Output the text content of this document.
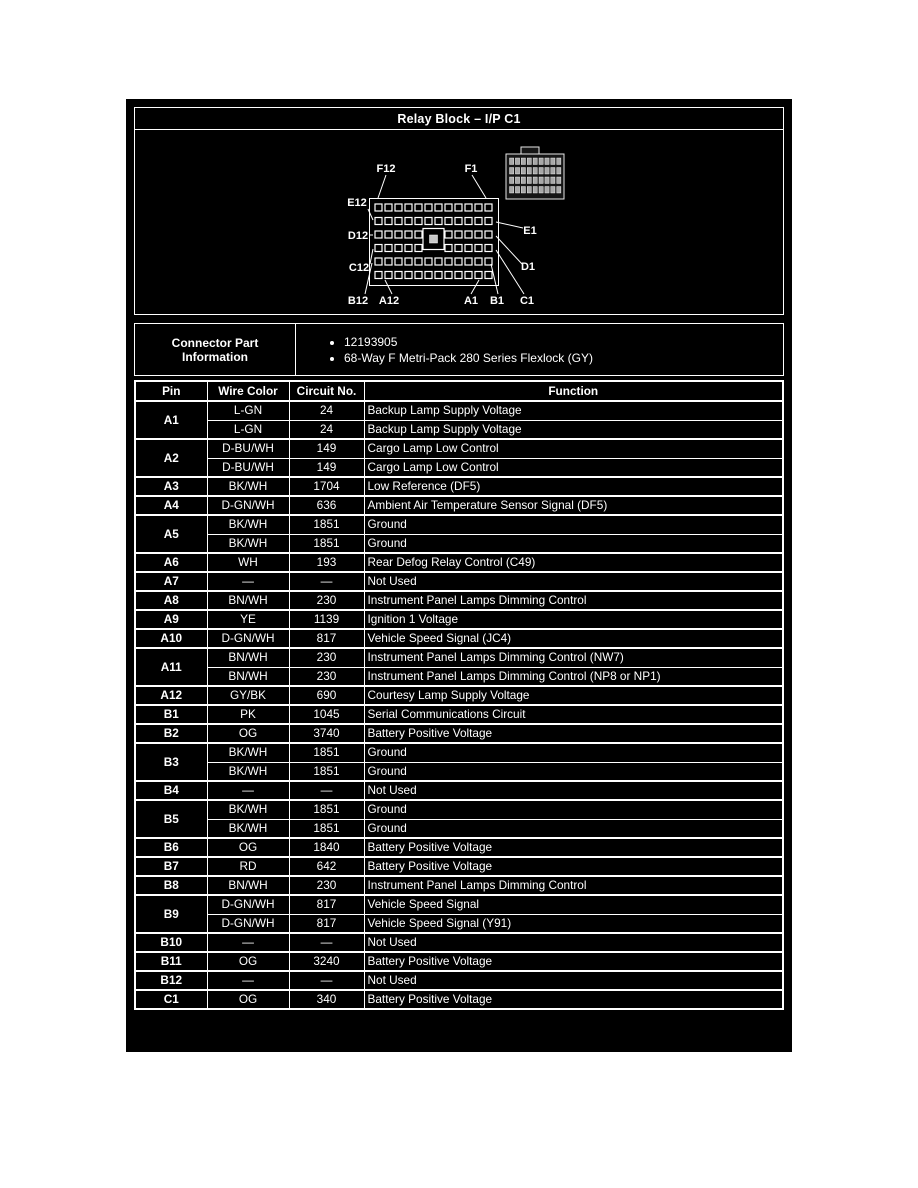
Relay Block – I/P C1
F12	F1
E12
D12
C12
B12 A12	A1 B1 C1
E1
D1
Connector Part Information
• 12193905
• 68-Way F Metri-Pack 280 Series Flexlock (GY)
Pin	Wire Color	Circuit No.	Function
A1	L-GN	24	Backup Lamp Supply Voltage
	L-GN	24	Backup Lamp Supply Voltage
A2	D-BU/WH	149	Cargo Lamp Low Control
	D-BU/WH	149	Cargo Lamp Low Control
A3	BK/WH	1704	Low Reference (DF5)
A4	D-GN/WH	636	Ambient Air Temperature Sensor Signal (DF5)
A5	BK/WH	1851	Ground
	BK/WH	1851	Ground
A6	WH	193	Rear Defog Relay Control (C49)
A7	—	—	Not Used
A8	BN/WH	230	Instrument Panel Lamps Dimming Control
A9	YE	1139	Ignition 1 Voltage
A10	D-GN/WH	817	Vehicle Speed Signal (JC4)
A11	BN/WH	230	Instrument Panel Lamps Dimming Control (NW7)
	BN/WH	230	Instrument Panel Lamps Dimming Control (NP8 or NP1)
A12	GY/BK	690	Courtesy Lamp Supply Voltage
B1	PK	1045	Serial Communications Circuit
B2	OG	3740	Battery Positive Voltage
B3	BK/WH	1851	Ground
	BK/WH	1851	Ground
B4	—	—	Not Used
B5	BK/WH	1851	Ground
	BK/WH	1851	Ground
B6	OG	1840	Battery Positive Voltage
B7	RD	642	Battery Positive Voltage
B8	BN/WH	230	Instrument Panel Lamps Dimming Control
B9	D-GN/WH	817	Vehicle Speed Signal
	D-GN/WH	817	Vehicle Speed Signal (Y91)
B10	—	—	Not Used
B11	OG	3240	Battery Positive Voltage
B12	—	—	Not Used
C1	OG	340	Battery Positive Voltage
